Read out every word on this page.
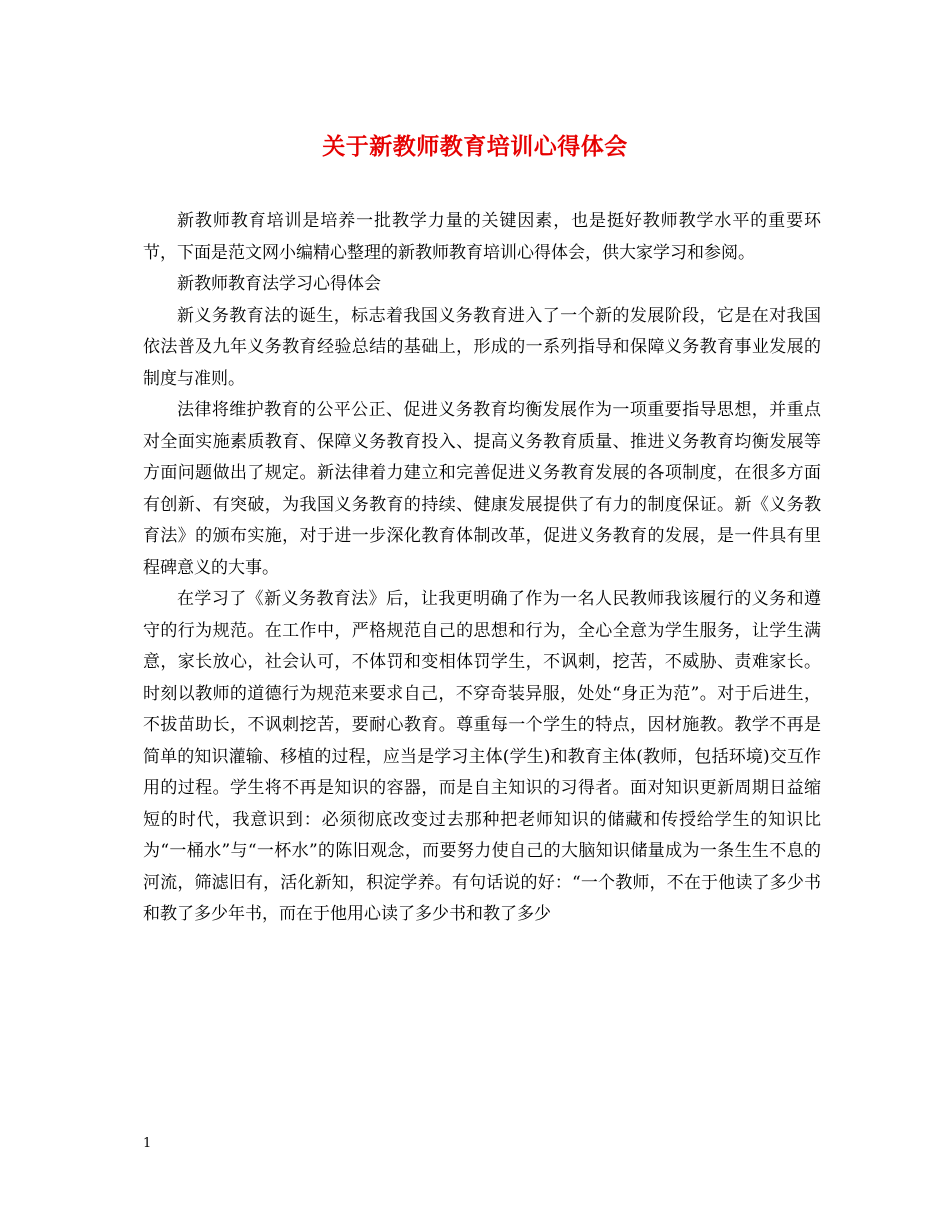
关于新教师教育培训心得体会

新教师教育培训是培养一批教学力量的关键因素，也是挺好教师教学水平的重要环节，下面是范文网小编精心整理的新教师教育培训心得体会，供大家学习和参阅。

新教师教育法学习心得体会

新义务教育法的诞生，标志着我国义务教育进入了一个新的发展阶段，它是在对我国依法普及九年义务教育经验总结的基础上，形成的一系列指导和保障义务教育事业发展的制度与准则。

法律将维护教育的公平公正、促进义务教育均衡发展作为一项重要指导思想，并重点对全面实施素质教育、保障义务教育投入、提高义务教育质量、推进义务教育均衡发展等方面问题做出了规定。新法律着力建立和完善促进义务教育发展的各项制度，在很多方面有创新、有突破，为我国义务教育的持续、健康发展提供了有力的制度保证。新《义务教育法》的颁布实施，对于进一步深化教育体制改革，促进义务教育的发展，是一件具有里程碑意义的大事。

在学习了《新义务教育法》后，让我更明确了作为一名人民教师我该履行的义务和遵守的行为规范。在工作中，严格规范自己的思想和行为，全心全意为学生服务，让学生满意，家长放心，社会认可，不体罚和变相体罚学生，不讽刺，挖苦，不威胁、责难家长。时刻以教师的道德行为规范来要求自己，不穿奇装异服，处处“身正为范”。对于后进生，不拔苗助长，不讽刺挖苦，要耐心教育。尊重每一个学生的特点，因材施教。教学不再是简单的知识灌输、移植的过程，应当是学习主体(学生)和教育主体(教师，包括环境)交互作用的过程。学生将不再是知识的容器，而是自主知识的习得者。面对知识更新周期日益缩短的时代，我意识到：必须彻底改变过去那种把老师知识的储藏和传授给学生的知识比为“一桶水”与“一杯水”的陈旧观念，而要努力使自己的大脑知识储量成为一条生生不息的河流，筛滤旧有，活化新知，积淀学养。有句话说的好：“一个教师，不在于他读了多少书和教了多少年书，而在于他用心读了多少书和教了多少

1
